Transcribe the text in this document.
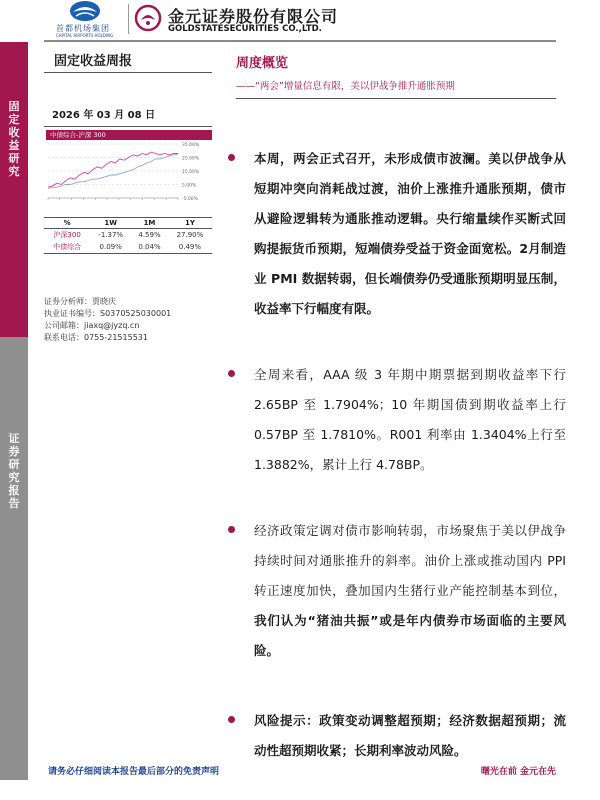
首都机场集团
CAPITAL AIRPORTS HOLDING
金元证券股份有限公司
GOLDSTATESECURITIES CO.,LTD.
固
定
收
益
研
究
证
券
研
究
报
告
固定收益周报
2026 年 03 月 08 日
中债综合-沪深 300
35.00%
25.00%
15.00%
5.00%
-5.00%
%	1W	1M	1Y
沪深300	-1.37%	4.59%	27.90%
中债综合	0.09%	0.04%	0.49%
证券分析师：贾晓庆
执业证书编号：S0370525030001
公司邮箱：jiaxq@jyzq.cn
联系电话：0755-21515531
周度概览
——“两会”增量信息有限，美以伊战争推升通胀预期
本周，两会正式召开，未形成债市波澜。美以伊战争从短期冲突向消耗战过渡，油价上涨推升通胀预期，债市从避险逻辑转为通胀推动逻辑。央行缩量续作买断式回购提振货币预期，短端债券受益于资金面宽松。2月制造业 PMI 数据转弱，但长端债券仍受通胀预期明显压制，收益率下行幅度有限。
全周来看，AAA 级 3 年期中期票据到期收益率下行 2.65BP 至 1.7904%；10 年期国债到期收益率上行 0.57BP 至 1.7810%。R001 利率由 1.3404%上行至 1.3882%，累计上行 4.78BP。
经济政策定调对债市影响转弱，市场聚焦于美以伊战争持续时间对通胀推升的斜率。油价上涨或推动国内 PPI 转正速度加快，叠加国内生猪行业产能控制基本到位，我们认为“猪油共振”或是年内债券市场面临的主要风险。
风险提示：政策变动调整超预期；经济数据超预期；流动性超预期收紧；长期利率波动风险。
请务必仔细阅读本报告最后部分的免责声明	曙光在前 金元在先
